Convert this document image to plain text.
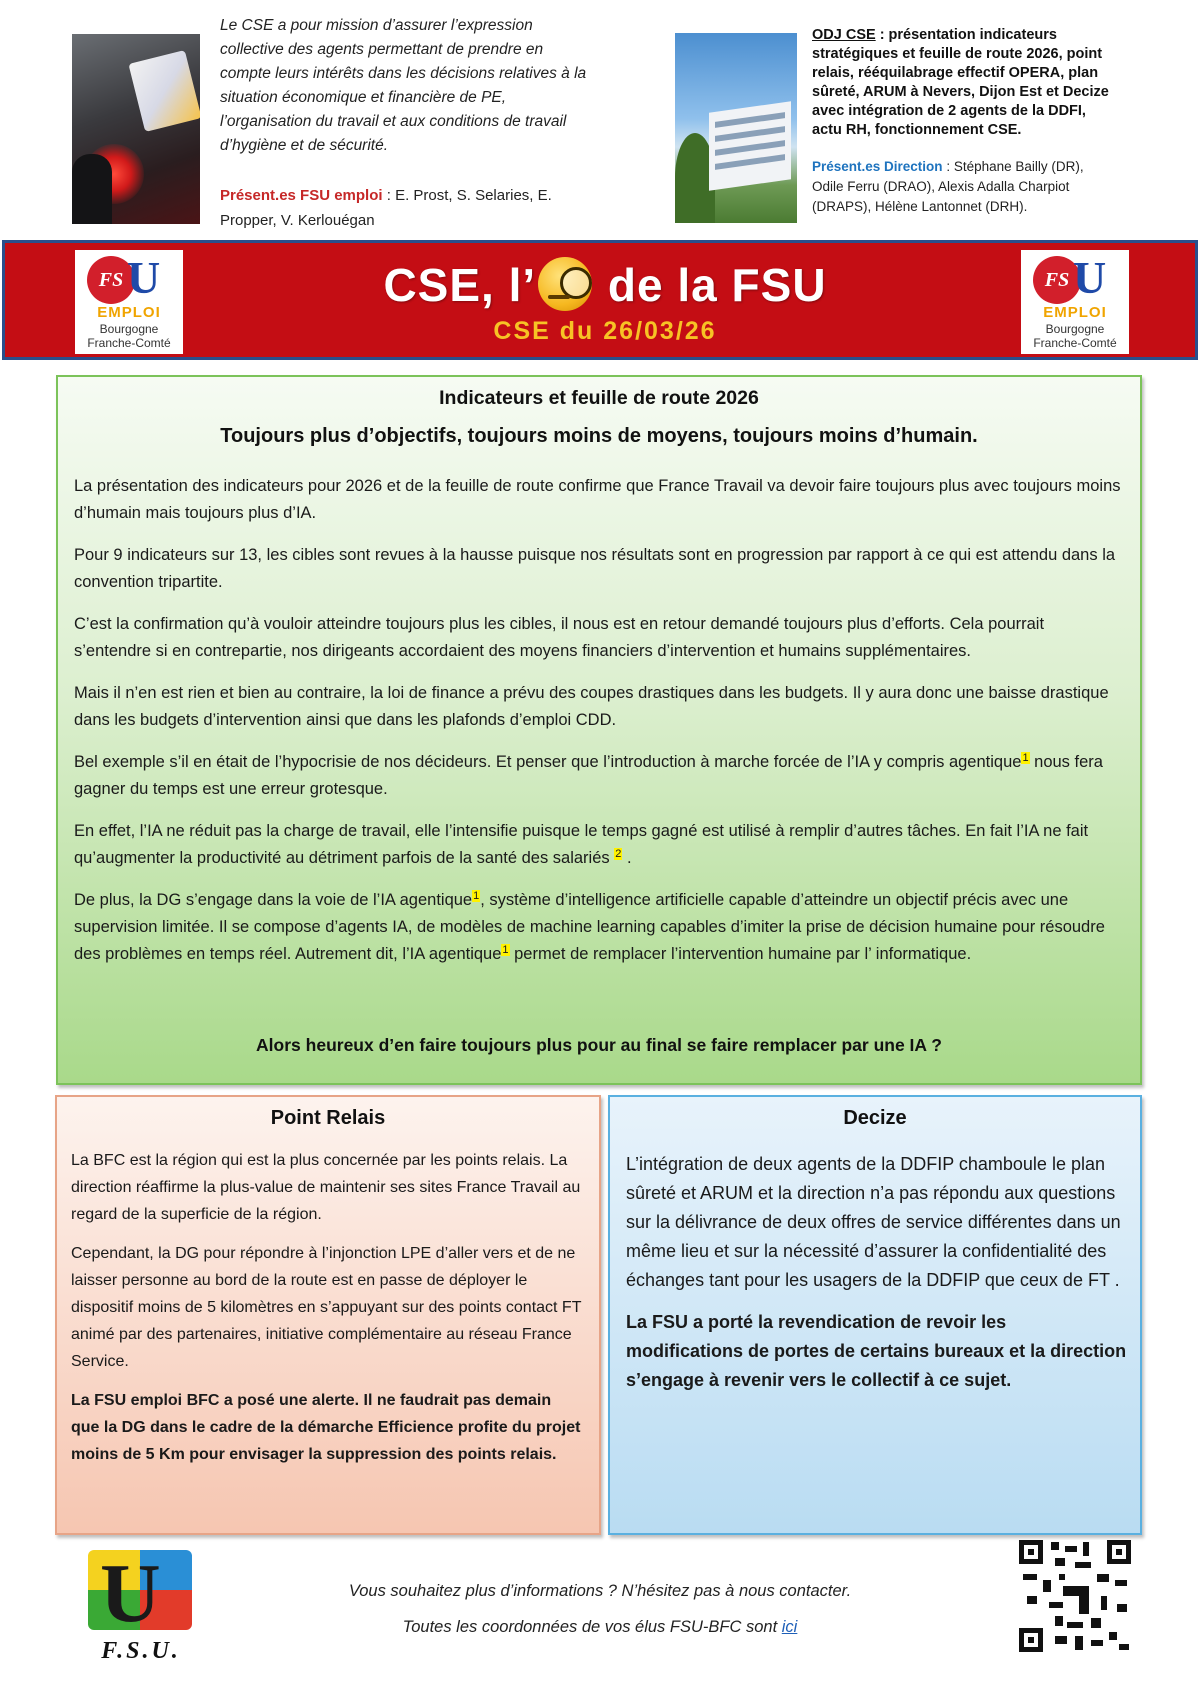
Le CSE a pour mission d’assurer l’expression collective des agents permettant de prendre en compte leurs intérêts dans les décisions relatives à la situation économique et financière de PE, l’organisation du travail et aux conditions de travail d’hygiène et de sécurité.

Présent.es FSU emploi : E. Prost, S. Selaries, E. Propper, V. Kerlouégan

ODJ CSE : présentation indicateurs stratégiques et feuille de route 2026, point relais, rééquilabrage effectif OPERA, plan sûreté, ARUM à Nevers, Dijon Est et Decize avec intégration de 2 agents de la DDFI, actu RH, fonctionnement CSE.

Présent.es Direction : Stéphane Bailly (DR), Odile Ferru (DRAO), Alexis Adalla Charpiot (DRAPS), Hélène Lantonnet (DRH).

FS U
EMPLOI
Bourgogne
Franche-Comté
CSE, l’ de la FSU
CSE du 26/03/26
FS U
EMPLOI
Bourgogne
Franche-Comté
Indicateurs et feuille de route 2026
Toujours plus d’objectifs, toujours moins de moyens, toujours moins d’humain.

La présentation des indicateurs pour 2026 et de la feuille de route confirme que France Travail va devoir faire toujours plus avec toujours moins d’humain mais toujours plus d’IA.

Pour 9 indicateurs sur 13, les cibles sont revues à la hausse puisque nos résultats sont en progression par rapport à ce qui est attendu dans la convention tripartite.

C’est la confirmation qu’à vouloir atteindre toujours plus les cibles, il nous est en retour demandé toujours plus d’efforts. Cela pourrait s’entendre si en contrepartie, nos dirigeants accordaient des moyens financiers d’intervention et humains supplémentaires.

Mais il n’en est rien et bien au contraire, la loi de finance a prévu des coupes drastiques dans les budgets. Il y aura donc une baisse drastique dans les budgets d’intervention ainsi que dans les plafonds d’emploi CDD.

Bel exemple s’il en était de l’hypocrisie de nos décideurs. Et penser que l’introduction à marche forcée de l’IA y compris agentique$^1$ nous fera gagner du temps est une erreur grotesque.

En effet, l’IA ne réduit pas la charge de travail, elle l’intensifie puisque le temps gagné est utilisé à remplir d’autres tâches. En fait l’IA ne fait qu’augmenter la productivité au détriment parfois de la santé des salariés $^2$ .

De plus, la DG s’engage dans la voie de l’IA agentique$^1$, système d’intelligence artificielle capable d’atteindre un objectif précis avec une supervision limitée. Il se compose d’agents IA, de modèles de machine learning capables d’imiter la prise de décision humaine pour résoudre des problèmes en temps réel. Autrement dit, l’IA agentique$^1$ permet de remplacer l’intervention humaine par l’ informatique.

Alors heureux d’en faire toujours plus pour au final se faire remplacer par une IA ?

Point Relais

La BFC est la région qui est la plus concernée par les points relais. La direction réaffirme la plus-value de maintenir ses sites France Travail au regard de la superficie de la région.

Cependant, la DG pour répondre à l’injonction LPE d’aller vers et de ne laisser personne au bord de la route est en passe de déployer le dispositif moins de 5 kilomètres en s’appuyant sur des points contact FT animé par des partenaires, initiative complémentaire au réseau France Service.

La FSU emploi BFC a posé une alerte. Il ne faudrait pas demain que la DG dans le cadre de la démarche Efficience profite du projet moins de 5 Km pour envisager la suppression des points relais.

Decize

L’intégration de deux agents de la DDFIP chamboule le plan sûreté et ARUM et la direction n’a pas répondu aux questions sur la délivrance de deux offres de service différentes dans un même lieu et sur la nécessité d’assurer la confidentialité des échanges tant pour les usagers de la DDFIP que ceux de FT .

La FSU a porté la revendication de revoir les modifications de portes de certains bureaux et la direction s’engage à revenir vers le collectif à ce sujet.

U
F.S.U.

Vous souhaitez plus d’informations ? N’hésitez pas à nous contacter.

Toutes les coordonnées de vos élus FSU-BFC sont ici
